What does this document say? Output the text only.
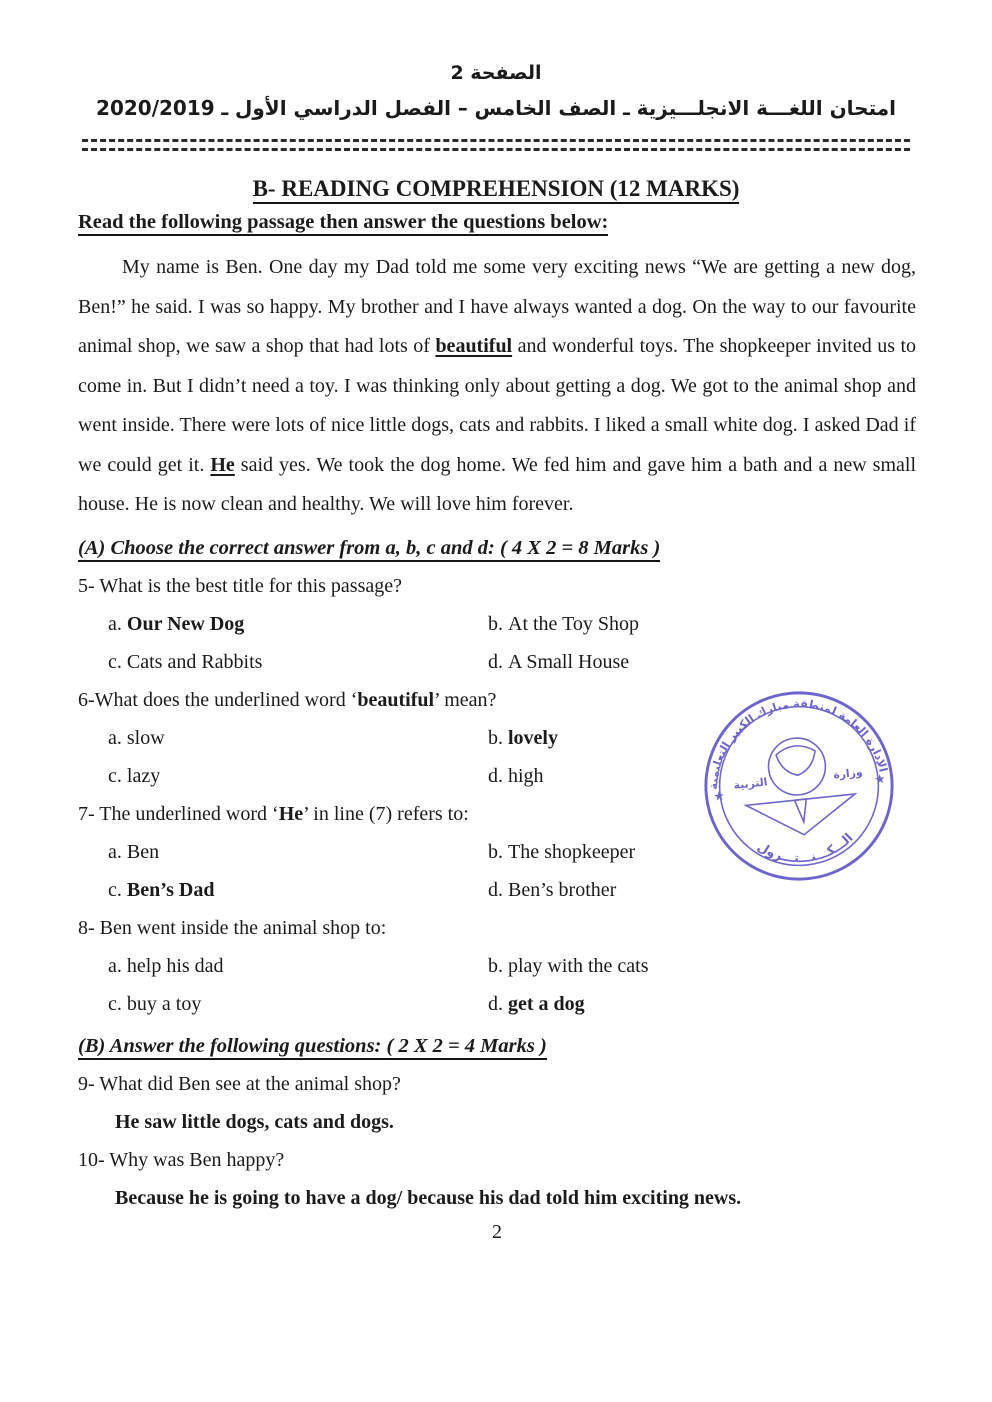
الصفحة 2
امتحان اللغـــة الانجلـــيزية
ـ
الصف الخامس
–
الفصل الدراسي الأول
ـ
2020/2019
B- READING COMPREHENSION (12 MARKS)
Read the following passage then answer the questions below:

My name is Ben. One day my Dad told me some very exciting news “We are getting a new dog, Ben!” he said. I was so happy. My brother and I have always wanted a dog. On the way to our favourite animal shop, we saw a shop that had lots of beautiful and wonderful toys. The shopkeeper invited us to come in. But I didn’t need a toy. I was thinking only about getting a dog. We got to the animal shop and went inside. There were lots of nice little dogs, cats and rabbits. I liked a small white dog. I asked Dad if we could get it. He said yes. We took the dog home. We fed him and gave him a bath and a new small house. He is now clean and healthy. We will love him forever.

(A) Choose the correct answer from a, b, c and d: ( 4 X 2 = 8 Marks )
5- What is the best title for this passage?
a. Our New Dog	b. At the Toy Shop
c. Cats and Rabbits	d. A Small House
6-What does the underlined word ‘beautiful’ mean?
a. slow	b. lovely
c. lazy	d. high
7- The underlined word ‘He’ in line (7) refers to:
a. Ben	b. The shopkeeper
c. Ben’s Dad	d. Ben’s brother
8- Ben went inside the animal shop to:
a. help his dad	b. play with the cats
c. buy a toy	d. get a dog
(B) Answer the following questions: ( 2 X 2 = 4 Marks )
9- What did Ben see at the animal shop?
He saw little dogs, cats and dogs.
10- Why was Ben happy?
Because he is going to have a dog/ because his dad told him exciting news.
2
الإدارة العامة لمنطقة مبارك الكبير التعليمية
الـــكـــنـــتـــرول
★
★
وزارة
التربية
